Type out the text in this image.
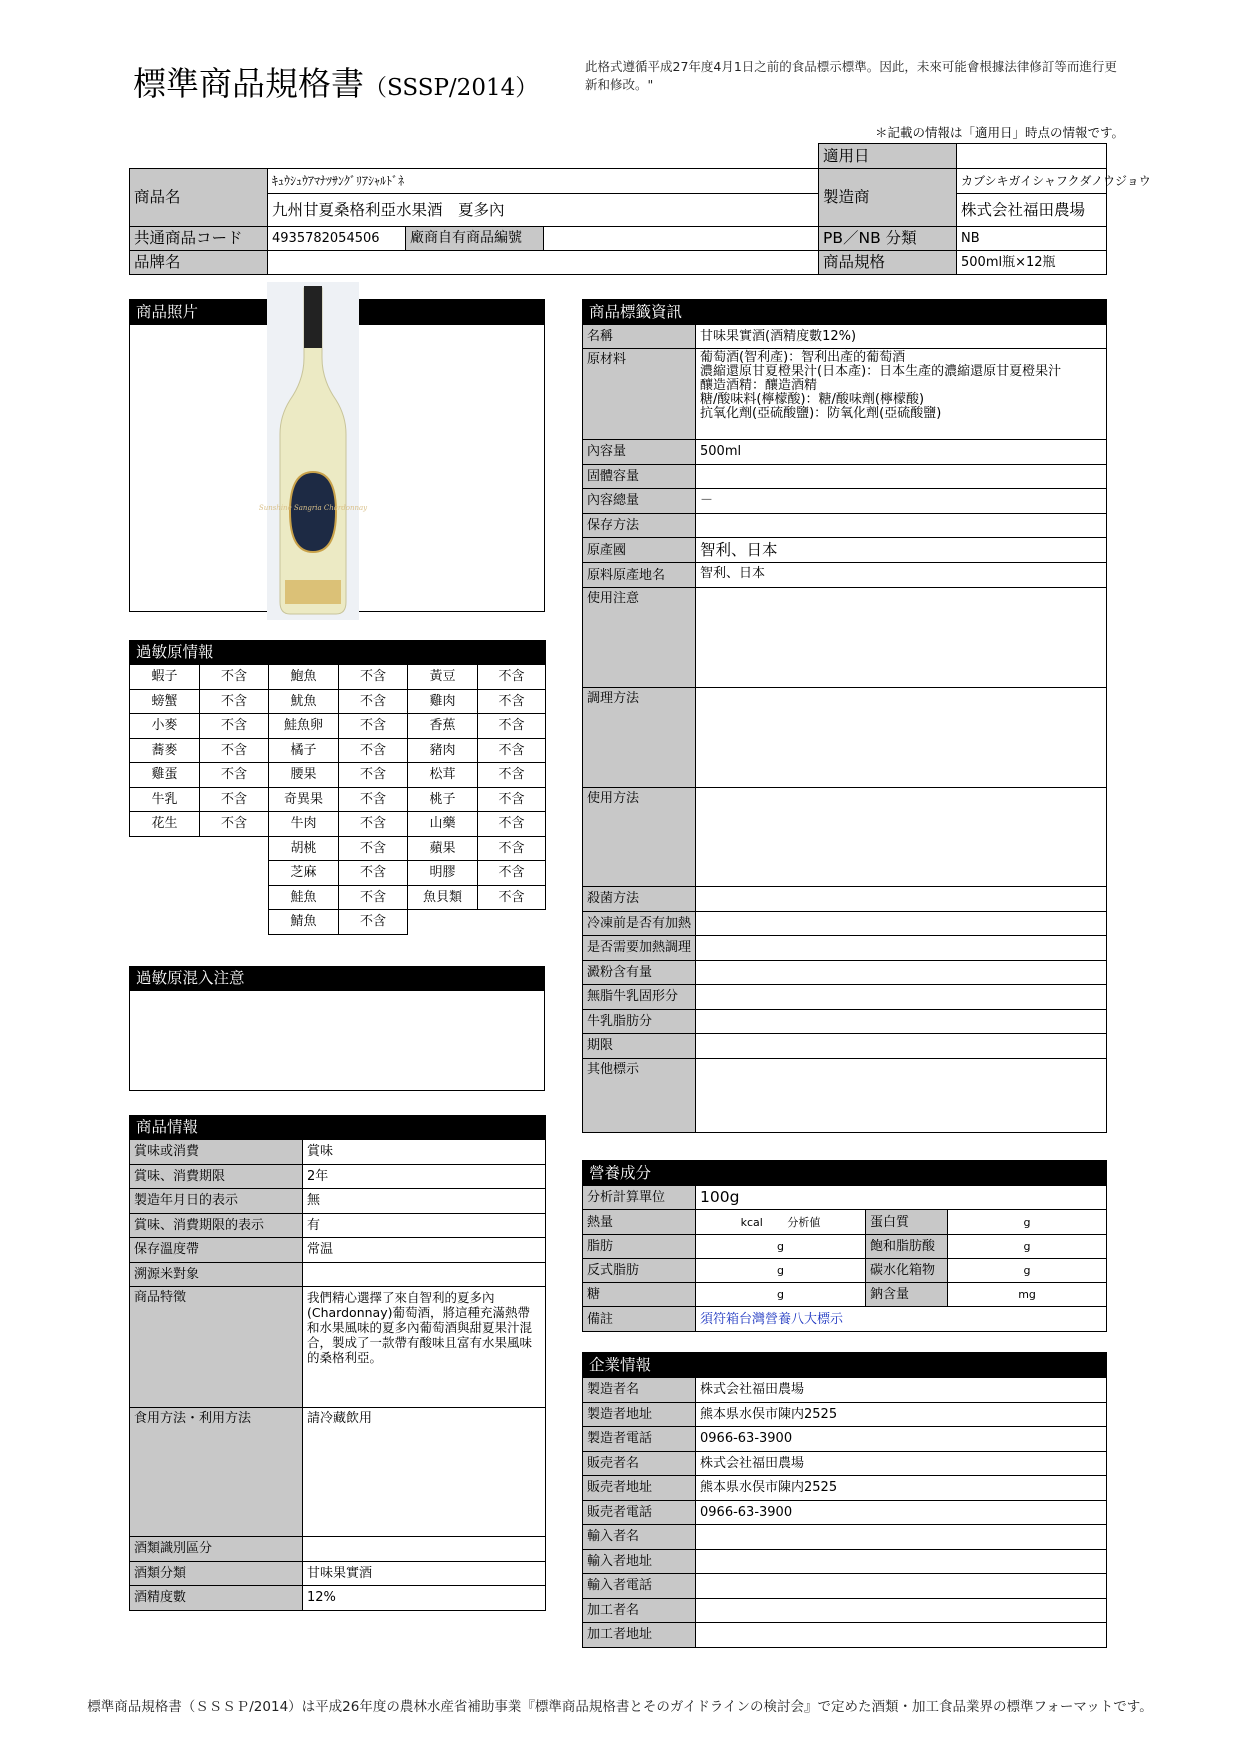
標準商品規格書（SSSP/2014）
此格式遵循平成27年度4月1日之前的食品標示標準。因此，未來可能會根據法律修訂等而進行更新和修改。"
＊記載の情報は「適用日」時点の情報です。
				適用日	
商品名	ｷｭｳｼｭｳｱﾏﾅﾂｻﾝｸﾞﾘｱｼｬﾙﾄﾞﾈ			製造商	カブシキガイシャフクダノウジョウ
	九州甘夏桑格利亞水果酒　夏多內				株式会社福田農場
共通商品コード	4935782054506	廠商自有商品編號		PB／NB 分類	NB
品牌名				商品規格	500ml瓶×12瓶
商品照片

Sunshine Sangria Chardonnay
過敏原情報					
蝦子	不含	鮑魚	不含	黃豆	不含
螃蟹	不含	魷魚	不含	雞肉	不含
小麥	不含	鮭魚卵	不含	香蕉	不含
蕎麥	不含	橘子	不含	豬肉	不含
雞蛋	不含	腰果	不含	松茸	不含
牛乳	不含	奇異果	不含	桃子	不含
花生	不含	牛肉	不含	山藥	不含
		胡桃	不含	蘋果	不含
		芝麻	不含	明膠	不含
		鮭魚	不含	魚貝類	不含
		鯖魚	不含		
過敏原混入注意

商品情報	
賞味或消費	賞味
賞味、消費期限	2年
製造年月日的表示	無
賞味、消費期限的表示	有
保存溫度帶	常温
溯源米對象	
商品特徵	我們精心選擇了來自智利的夏多內(Chardonnay)葡萄酒，將這種充滿熱帶和水果風味的夏多內葡萄酒與甜夏果汁混合，製成了一款帶有酸味且富有水果風味的桑格利亞。
食用方法・利用方法	請冷藏飲用
酒類識別區分	
酒類分類	甘味果實酒
酒精度數	12%
商品標籤資訊	
名稱	甘味果實酒(酒精度數12%)
原材料	葡萄酒(智利產)：智利出產的葡萄酒
濃縮還原甘夏橙果汁(日本產)：日本生產的濃縮還原甘夏橙果汁
釀造酒精：釀造酒精
糖/酸味料(檸檬酸)：糖/酸味劑(檸檬酸)
抗氧化劑(亞硫酸鹽)：防氧化劑(亞硫酸鹽)

內容量	500ml
固體容量	
內容總量	－
保存方法	
原產國	智利、日本
原料原產地名	智利、日本
使用注意	
調理方法	
使用方法	
殺菌方法	
冷凍前是否有加熱	
是否需要加熱調理	
澱粉含有量	
無脂牛乳固形分	
牛乳脂肪分	
期限	
其他標示	
營養成分			
分析計算單位	100g		
熱量	kcal 分析値	蛋白質	g
脂肪	g	飽和脂肪酸	g
反式脂肪	g	碳水化箱物	g
糖	g	鈉含量	mg
備註	須符箱台灣營養八大標示		
企業情報	
製造者名	株式会社福田農場
製造者地址	熊本県水俣市陳内2525
製造者電話	0966-63-3900
販売者名	株式会社福田農場
販売者地址	熊本県水俣市陳内2525
販売者電話	0966-63-3900
輸入者名	
輸入者地址	
輸入者電話	
加工者名	
加工者地址	
標準商品規格書（ＳＳＳＰ/2014）は平成26年度の農林水産省補助事業『標準商品規格書とそのガイドラインの検討会』で定めた酒類・加工食品業界の標準フォーマットです。
